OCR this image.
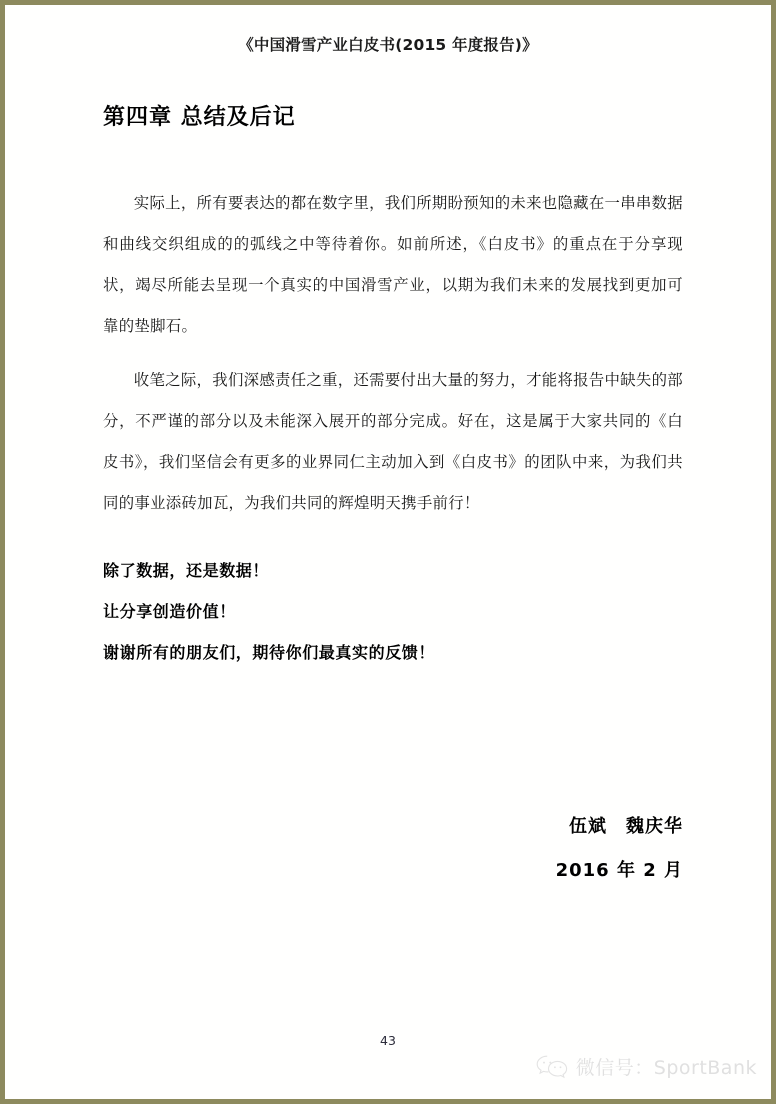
《中国滑雪产业白皮书(2015 年度报告)》
第四章 总结及后记

实际上，所有要表达的都在数字里，我们所期盼预知的未来也隐藏在一串串数据和曲线交织组成的的弧线之中等待着你。如前所述，《白皮书》的重点在于分享现状，竭尽所能去呈现一个真实的中国滑雪产业，以期为我们未来的发展找到更加可靠的垫脚石。

收笔之际，我们深感责任之重，还需要付出大量的努力，才能将报告中缺失的部分，不严谨的部分以及未能深入展开的部分完成。好在，这是属于大家共同的《白皮书》，我们坚信会有更多的业界同仁主动加入到《白皮书》的团队中来，为我们共同的事业添砖加瓦，为我们共同的辉煌明天携手前行！

除了数据，还是数据！

让分享创造价值！

谢谢所有的朋友们，期待你们最真实的反馈！

伍斌　魏庆华
2016 年 2 月
43
微信号：SportBank
